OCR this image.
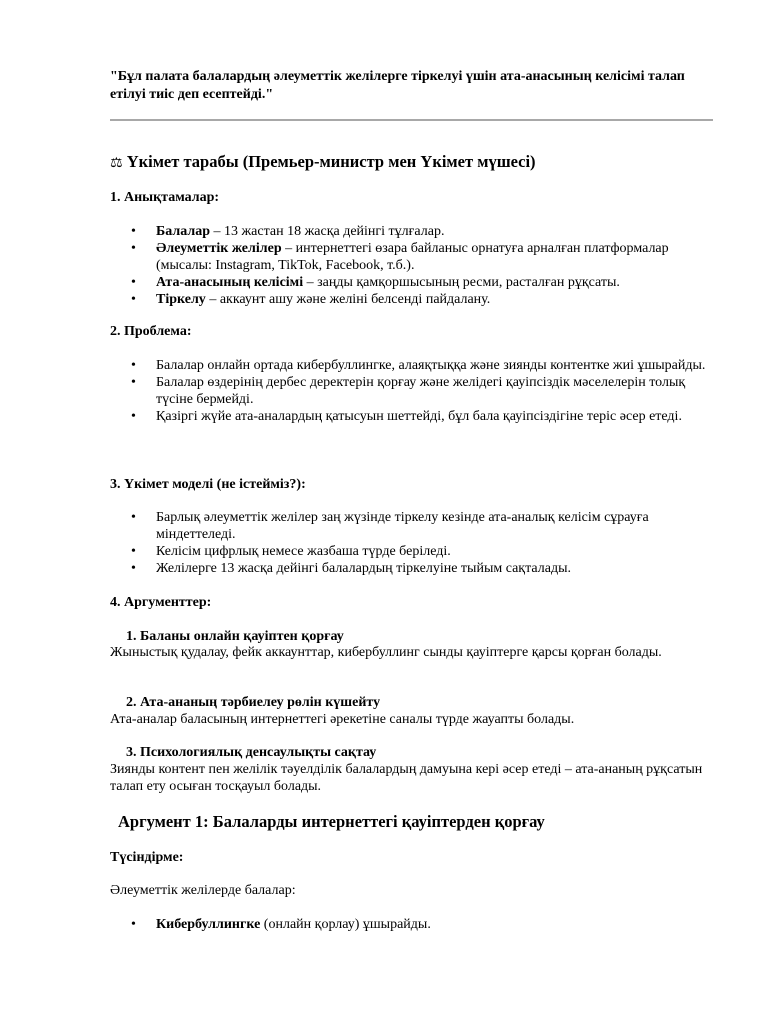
"Бұл палата балалардың әлеуметтік желілерге тіркелуі үшін ата-анасының келісімі талап етілуі тиіс деп есептейді."
⚖ Үкімет тарабы (Премьер-министр мен Үкімет мүшесі)
1. Анықтамалар:
• Балалар – 13 жастан 18 жасқа дейінгі тұлғалар.
• Әлеуметтік желілер – интернеттегі өзара байланыс орнатуға арналған платформалар (мысалы: Instagram, TikTok, Facebook, т.б.).
• Ата-анасының келісімі – заңды қамқоршысының ресми, расталған рұқсаты.
• Тіркелу – аккаунт ашу және желіні белсенді пайдалану.
2. Проблема:
• Балалар онлайн ортада кибербуллингке, алаяқтыққа және зиянды контентке жиі ұшырайды.
• Балалар өздерінің дербес деректерін қорғау және желідегі қауіпсіздік мәселелерін толық түсіне бермейді.
• Қазіргі жүйе ата-аналардың қатысуын шеттейді, бұл бала қауіпсіздігіне теріс әсер етеді.
3. Үкімет моделі (не істейміз?):
• Барлық әлеуметтік желілер заң жүзінде тіркелу кезінде ата-аналық келісім сұрауға міндеттеледі.
• Келісім цифрлық немесе жазбаша түрде беріледі.
• Желілерге 13 жасқа дейінгі балалардың тіркелуіне тыйым сақталады.
4. Аргументтер:
1. Баланы онлайн қауіптен қорғау
Жыныстық қудалау, фейк аккаунттар, кибербуллинг сынды қауіптерге қарсы қорған болады.
2. Ата-ананың тәрбиелеу рөлін күшейту
Ата-аналар баласының интернеттегі әрекетіне саналы түрде жауапты болады.
3. Психологиялық денсаулықты сақтау
Зиянды контент пен желілік тәуелділік балалардың дамуына кері әсер етеді – ата-ананың рұқсатын талап ету осыған тосқауыл болады.
Аргумент 1: Балаларды интернеттегі қауіптерден қорғау
Түсіндірме:
Әлеуметтік желілерде балалар:
• Кибербуллингке (онлайн қорлау) ұшырайды.
